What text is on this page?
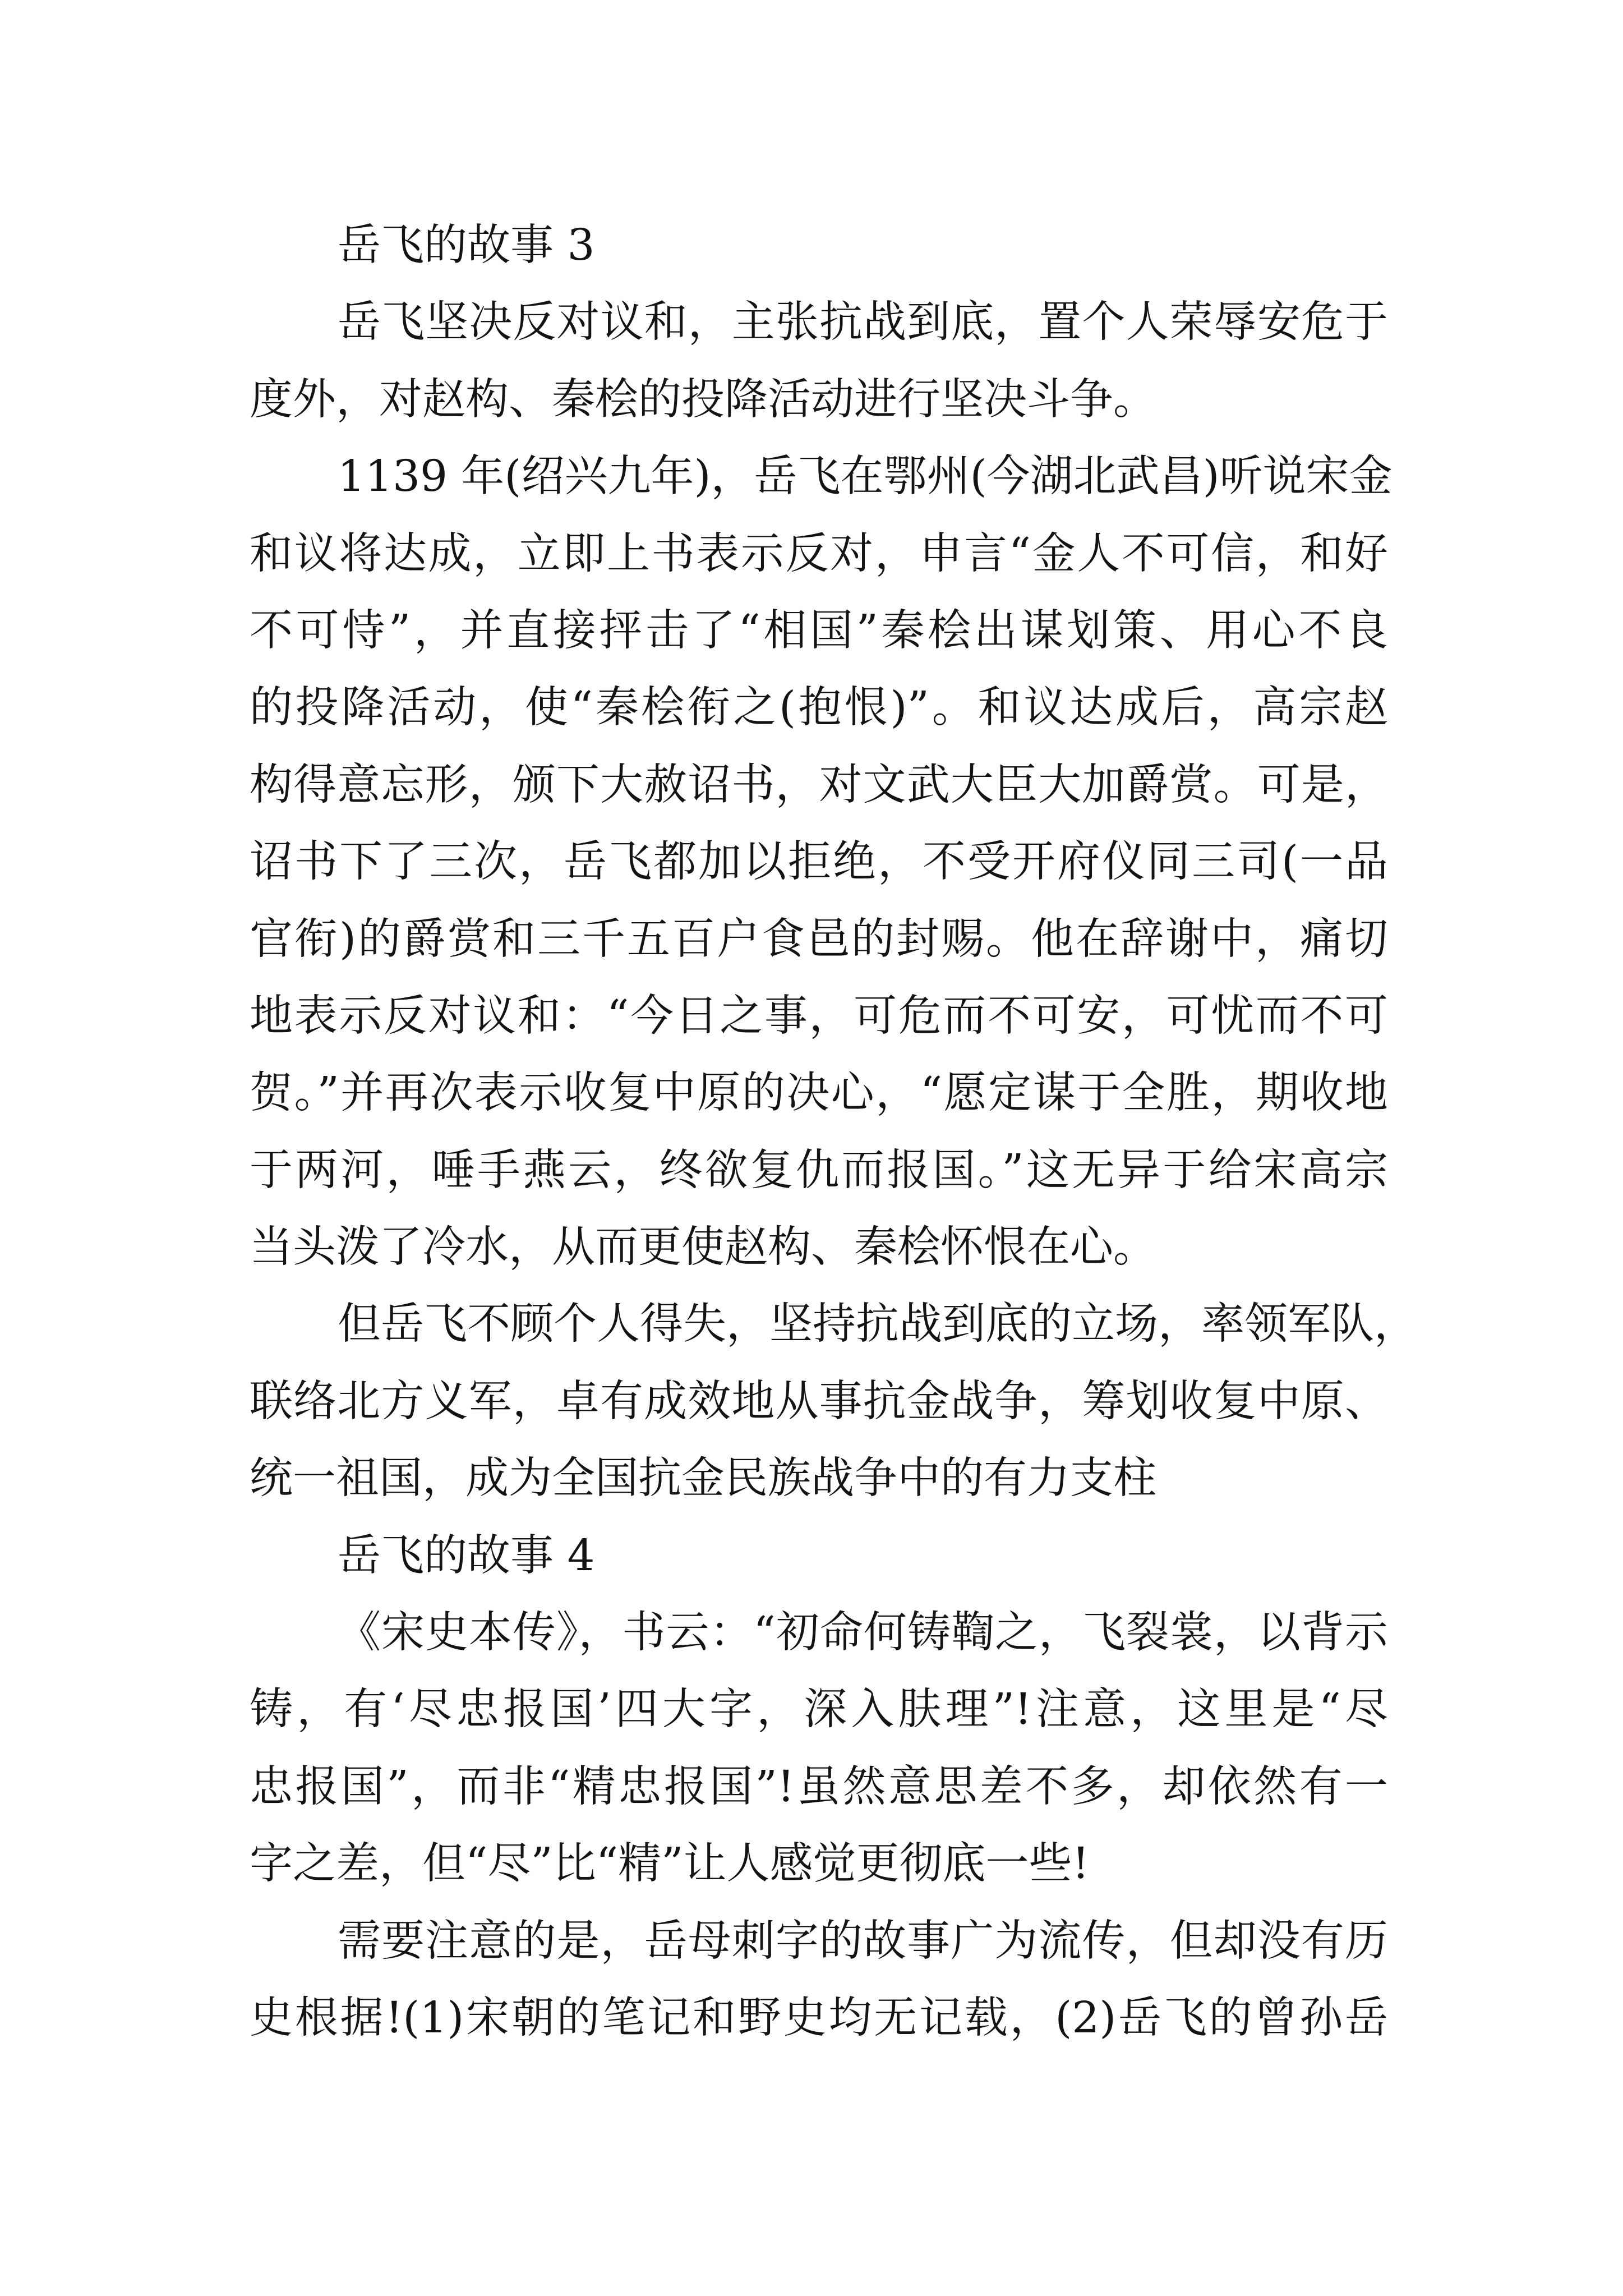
岳飞的故事 3
岳飞坚决反对议和，主张抗战到底，置个人荣辱安危于
度外，对赵构、秦桧的投降活动进行坚决斗争。
1139 年(绍兴九年)，岳飞在鄂州(今湖北武昌)听说宋金
和议将达成，立即上书表示反对，申言“金人不可信，和好
不可恃”，并直接抨击了“相国”秦桧出谋划策、用心不良
的投降活动，使“秦桧衔之(抱恨)”。和议达成后，高宗赵
构得意忘形，颁下大赦诏书，对文武大臣大加爵赏。可是，
诏书下了三次，岳飞都加以拒绝，不受开府仪同三司(一品
官衔)的爵赏和三千五百户食邑的封赐。他在辞谢中，痛切
地表示反对议和：“今日之事，可危而不可安，可忧而不可
贺。”并再次表示收复中原的决心，“愿定谋于全胜，期收地
于两河，唾手燕云，终欲复仇而报国。”这无异于给宋高宗
当头泼了冷水，从而更使赵构、秦桧怀恨在心。
但岳飞不顾个人得失，坚持抗战到底的立场，率领军队，
联络北方义军，卓有成效地从事抗金战争，筹划收复中原、
统一祖国，成为全国抗金民族战争中的有力支柱
岳飞的故事 4
《宋史本传》，书云：“初命何铸鞫之，飞裂裳，以背示
铸，有‘尽忠报国’四大字，深入肤理”!注意，这里是“尽
忠报国”，而非“精忠报国”!虽然意思差不多，却依然有一
字之差，但“尽”比“精”让人感觉更彻底一些!
需要注意的是，岳母刺字的故事广为流传，但却没有历
史根据!(1)宋朝的笔记和野史均无记载，(2)岳飞的曾孙岳
